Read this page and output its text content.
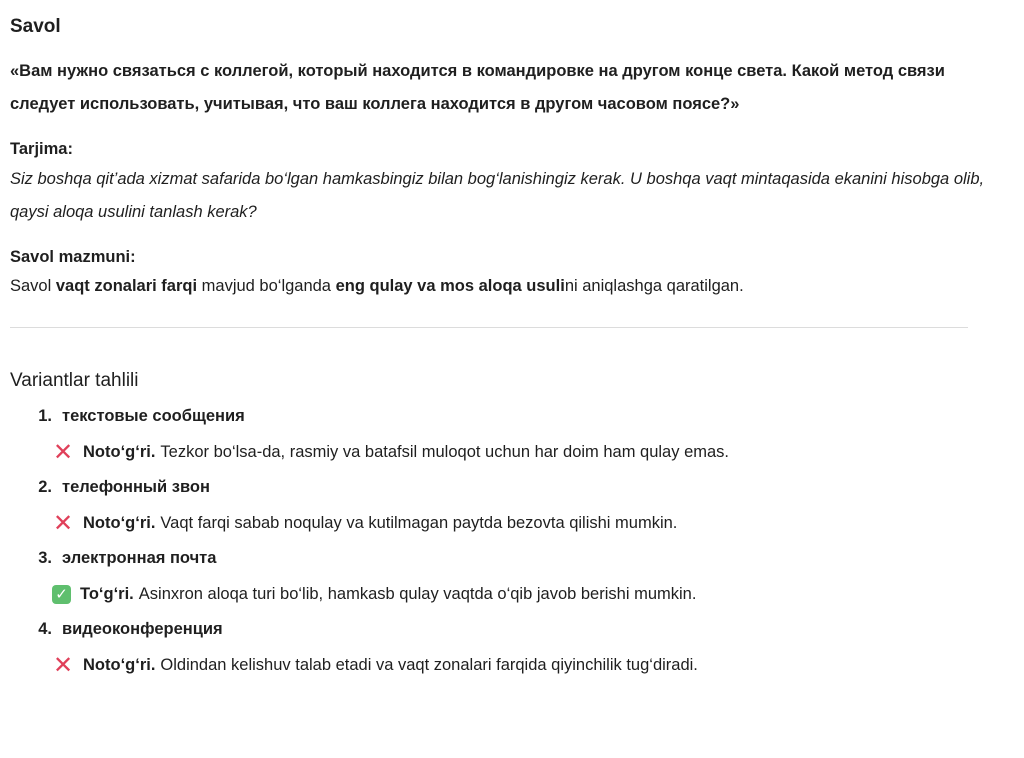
Savol

«Вам нужно связаться с коллегой, который находится в командировке на другом конце света. Какой метод связи следует использовать, учитывая, что ваш коллега находится в другом часовом поясе?»

Tarjima:

Siz boshqa qit’ada xizmat safarida bo‘lgan hamkasbingiz bilan bog‘lanishingiz kerak. U boshqa vaqt mintaqasida ekanini hisobga olib, qaysi aloqa usulini tanlash kerak?

Savol mazmuni:

Savol vaqt zonalari farqi mavjud bo‘lganda eng qulay va mos aloqa usulini aniqlashga qaratilgan.

Variantlar tahlili
1. текстовые сообщения
✕ Noto‘g‘ri. Tezkor bo‘lsa-da, rasmiy va batafsil muloqot uchun har doim ham qulay emas.
2. телефонный звон
✕ Noto‘g‘ri. Vaqt farqi sabab noqulay va kutilmagan paytda bezovta qilishi mumkin.
3. электронная почта
✓ To‘g‘ri. Asinxron aloqa turi bo‘lib, hamkasb qulay vaqtda o‘qib javob berishi mumkin.
4. видеоконференция
✕ Noto‘g‘ri. Oldindan kelishuv talab etadi va vaqt zonalari farqida qiyinchilik tug‘diradi.
